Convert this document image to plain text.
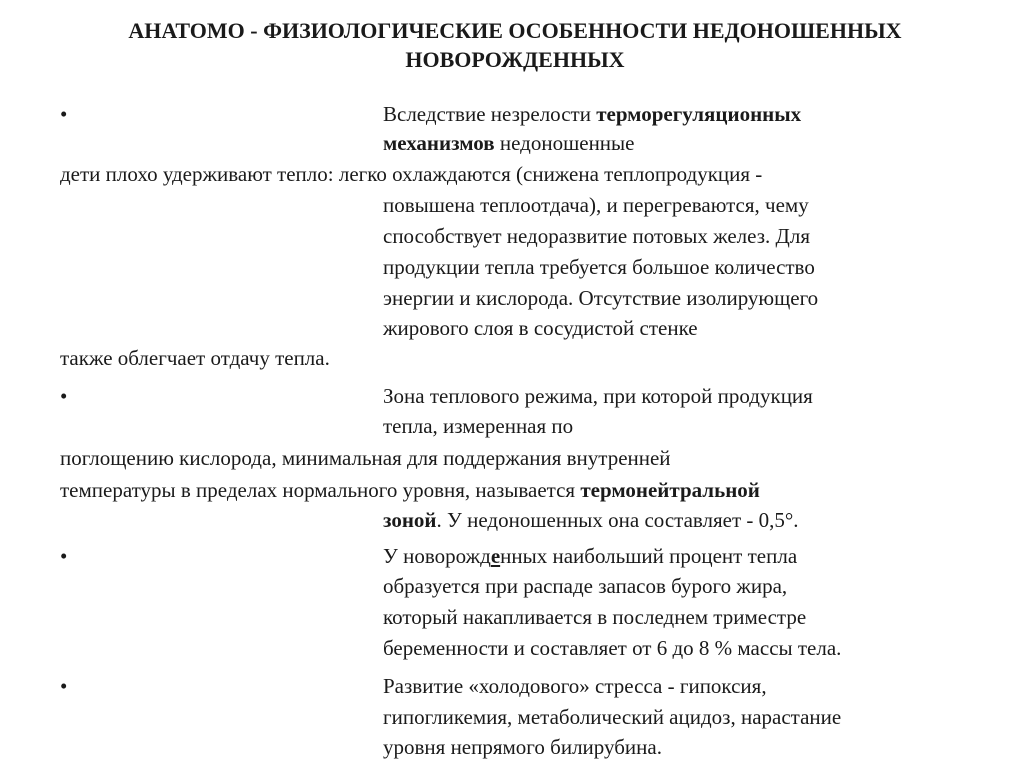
АНАТОМО - ФИЗИОЛОГИЧЕСКИЕ ОСОБЕННОСТИ НЕДОНОШЕННЫХ
НОВОРОЖДЕННЫХ
•	Вследствие незрелости терморегуляционных
механизмов недоношенные
дети плохо удерживают тепло: легко охлаждаются (снижена теплопродукция -
повышена теплоотдача), и перегреваются, чему
способствует недоразвитие потовых желез. Для
продукции тепла требуется большое количество
энергии и кислорода. Отсутствие изолирующего
жирового слоя в сосудистой стенке
также облегчает отдачу тепла.
•	Зона теплового режима, при которой продукция
тепла, измеренная по
поглощению кислорода, минимальная для поддержания внутренней
температуры в пределах нормального уровня, называется термонейтральной
зоной. У недоношенных она составляет - 0,5°.
•	У новорожденных наибольший процент тепла
образуется при распаде запасов бурого жира,
который накапливается в последнем триместре
беременности и составляет от 6 до 8 % массы тела.
•	Развитие «холодового» стресса - гипоксия,
гипогликемия, метаболический ацидоз, нарастание
уровня непрямого билирубина.
